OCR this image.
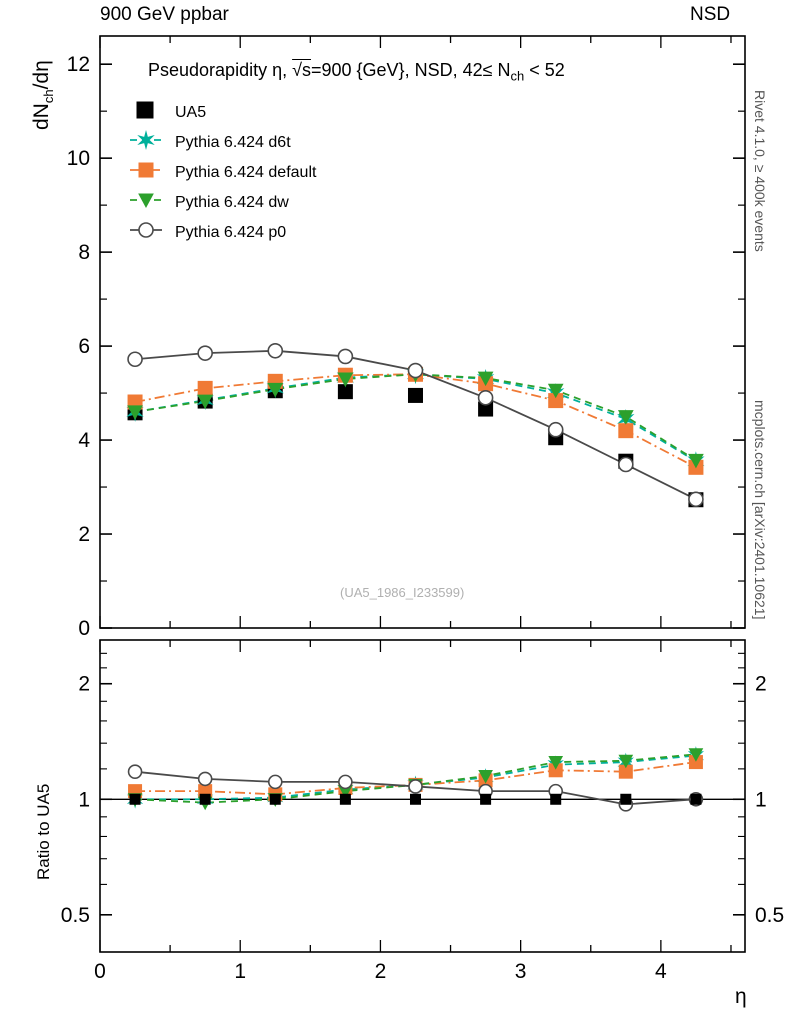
900 GeV ppbar	NSD
Rivet 4.1.0, ≥ 400k events
mcplots.cern.ch [arXiv:2401.10621]
$dN_{ch}/d\eta$
Ratio to UA5
η
Pseudorapidity η, √s=900 {GeV}, NSD, $42\le N_{ch} < 52$
(UA5_1986_I233599)
UA5
Pythia 6.424 d6t
Pythia 6.424 default
Pythia 6.424 dw
Pythia 6.424 p0
0
2
4
6
8
10
12
0.5	0.5
1	1
2	2
0	1	2	3	4
